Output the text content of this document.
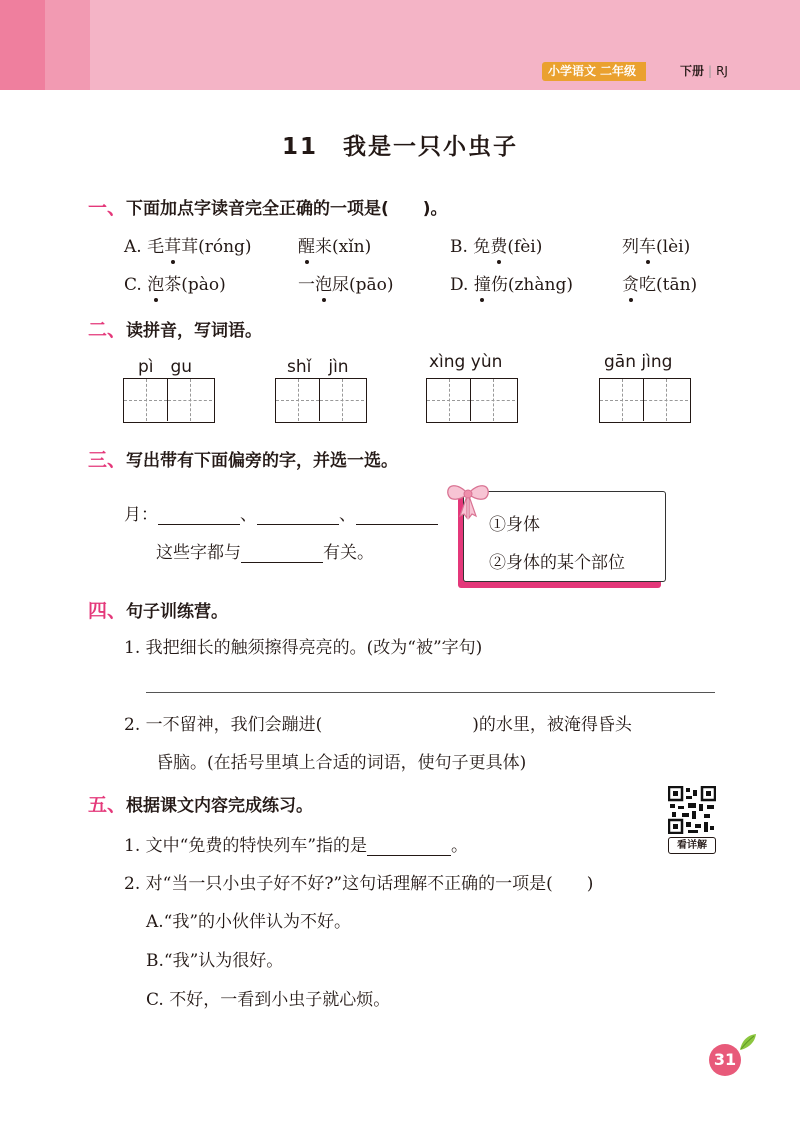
小学语文 二年级	下册 | RJ
11　我是一只小虫子
一、下面加点字读音完全正确的一项是(　　)。
A. 毛茸茸(róng)	醒来(xǐn)	B. 免费(fèi)	列车(lèi)
C. 泡茶(pào)	一泡尿(pāo)	D. 撞伤(zhàng)	贪吃(tān)
二、读拼音，写词语。
pì　gu	shǐ　jìn	xìng yùn	gān jìng
三、写出带有下面偏旁的字，并选一选。
月：	、	、
这些字都与	有关。
①身体
②身体的某个部位
四、句子训练营。
1. 我把细长的触须擦得亮亮的。(改为“被”字句)
2. 一不留神，我们会蹦进(	)的水里，被淹得昏头
昏脑。(在括号里填上合适的词语，使句子更具体)
五、根据课文内容完成练习。
看详解
1. 文中“免费的特快列车”指的是	。
2. 对“当一只小虫子好不好?”这句话理解不正确的一项是(　　)
A.“我”的小伙伴认为不好。
B.“我”认为很好。
C. 不好，一看到小虫子就心烦。
31
